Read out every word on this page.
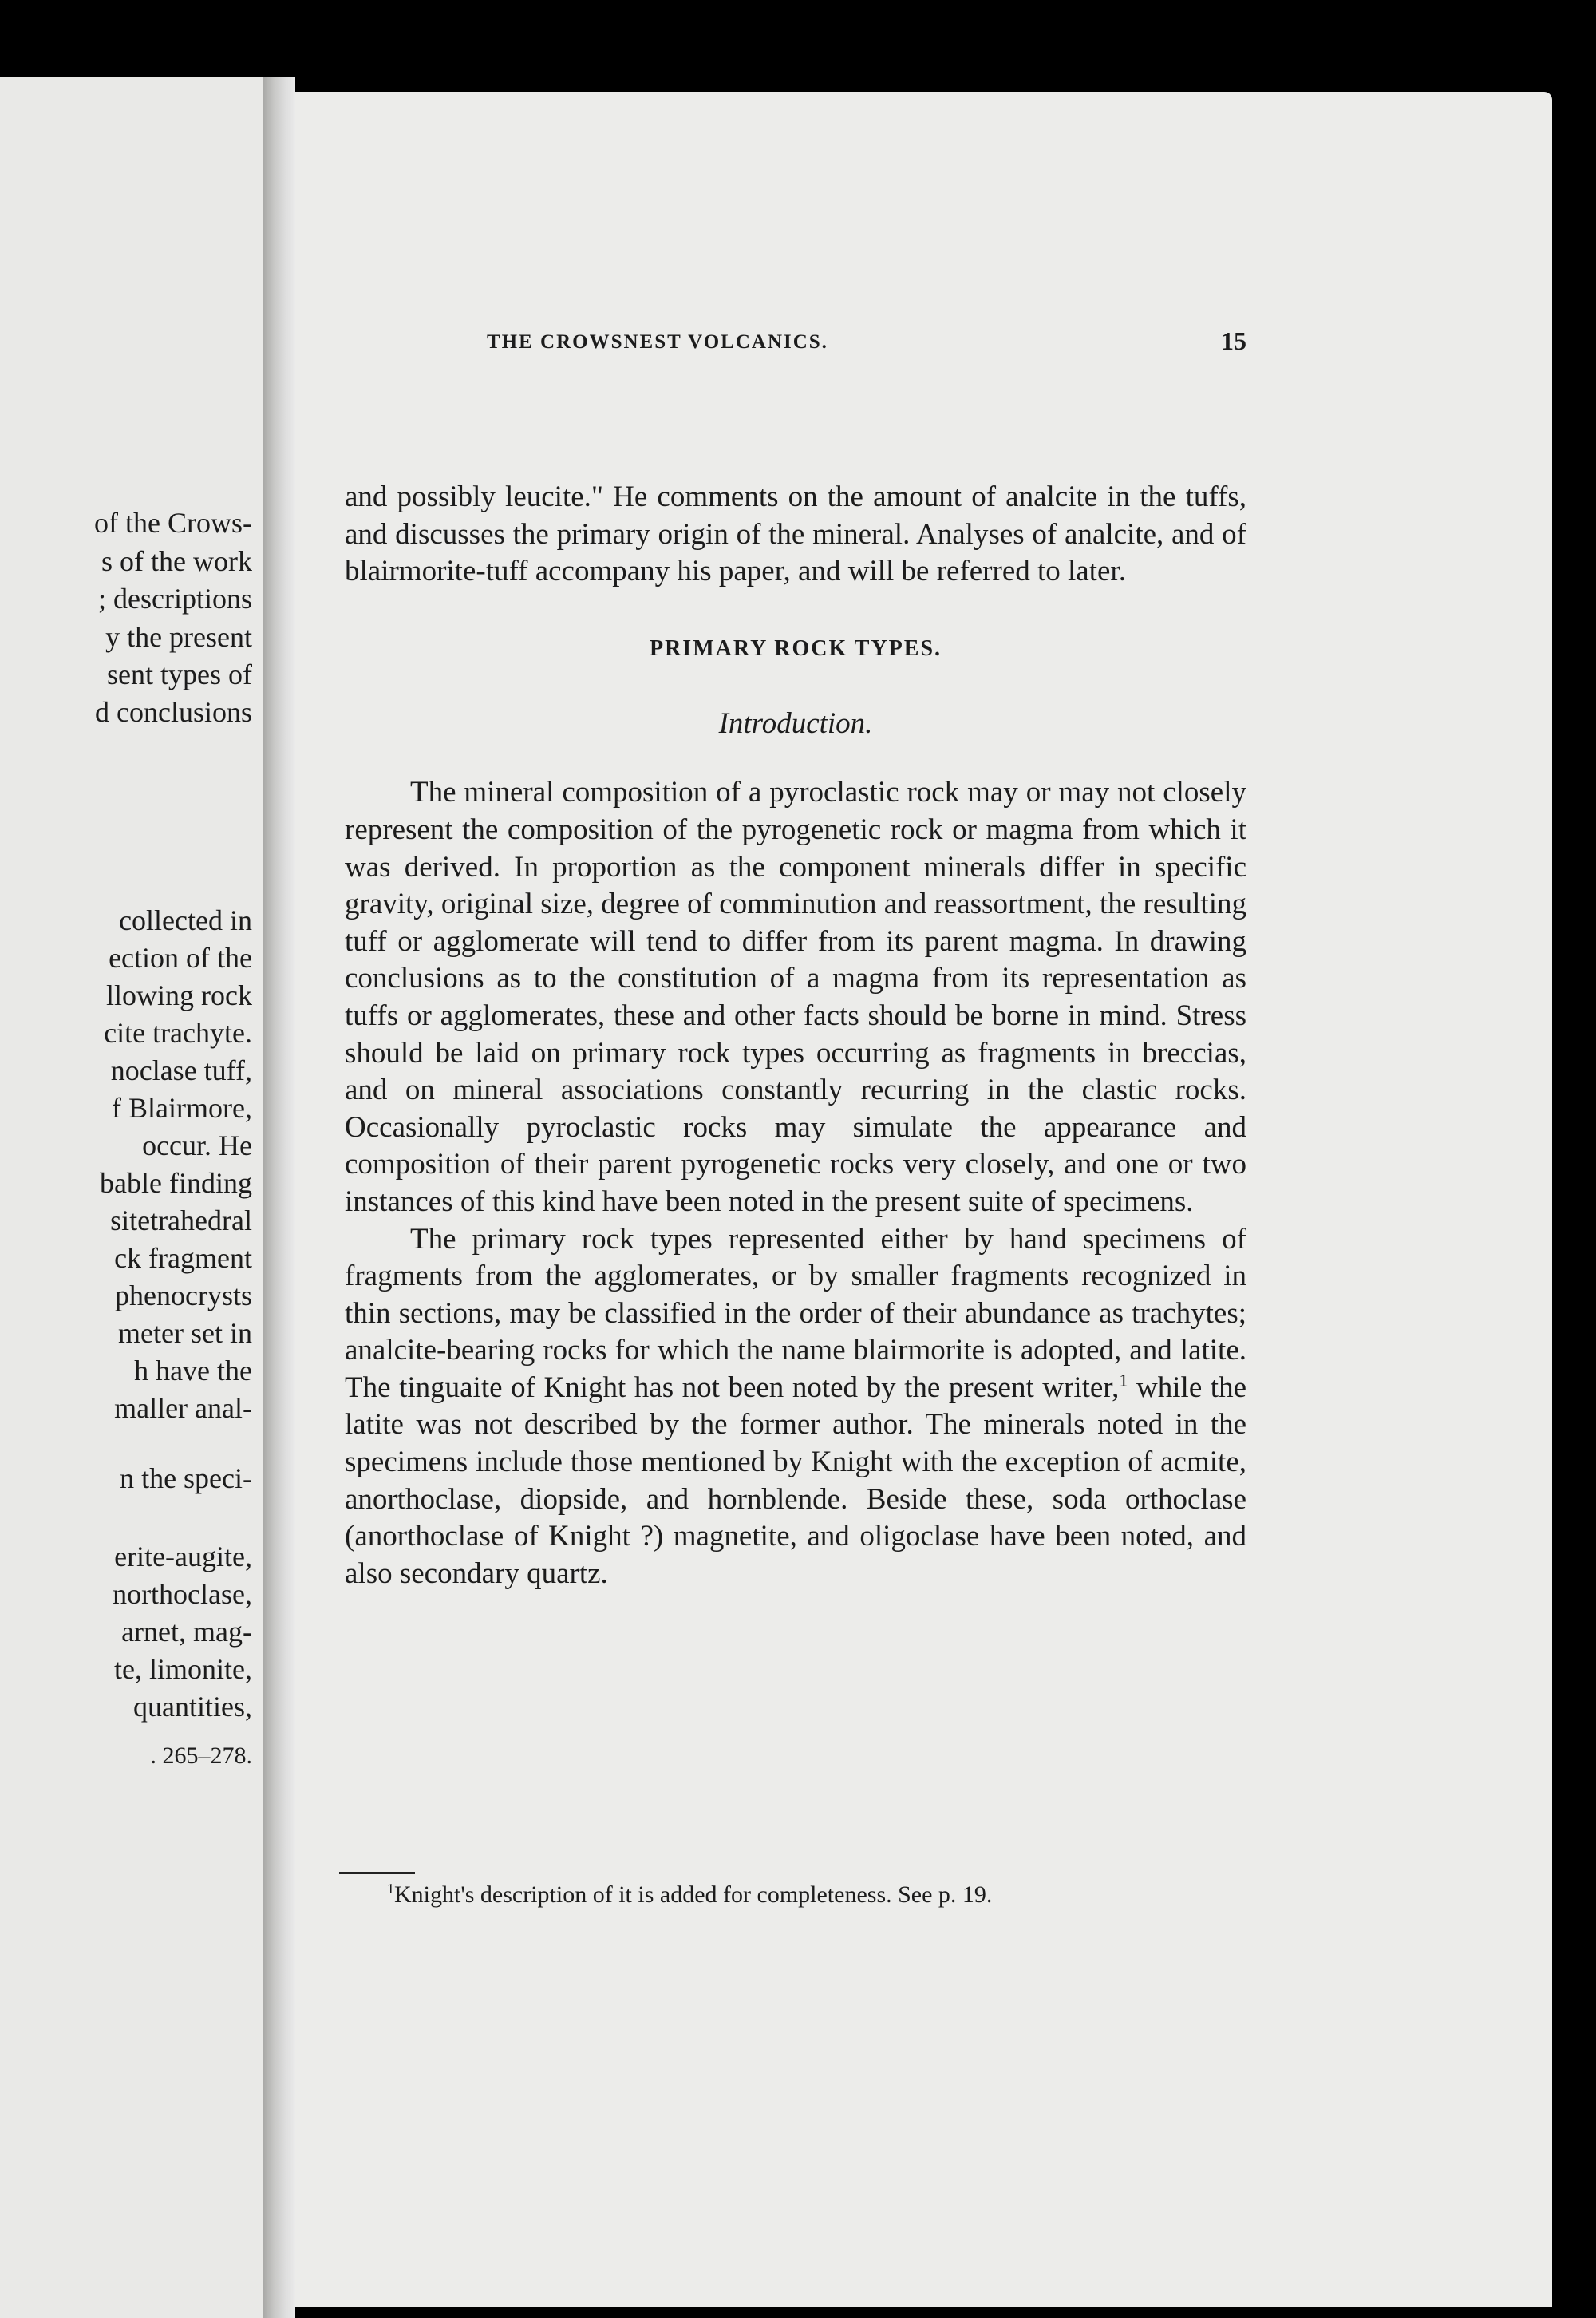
of the Crows-
s of the work
; descriptions
y the present
sent types of
d conclusions
collected in
ection of the
llowing rock
cite trachyte.
noclase tuff,
f Blairmore,
occur. He
bable finding
sitetrahedral
ck fragment
phenocrysts
meter set in
h have the
maller anal-
n the speci-
erite-augite,
northoclase,
arnet, mag-
te, limonite,
quantities,
. 265–278.
THE CROWSNEST VOLCANICS.	15

and possibly leucite." He comments on the amount of analcite in the tuffs, and discusses the primary origin of the mineral. Analyses of analcite, and of blairmorite-tuff accompany his paper, and will be referred to later.

PRIMARY ROCK TYPES.

Introduction.

The mineral composition of a pyroclastic rock may or may not closely represent the composition of the pyrogenetic rock or magma from which it was derived. In proportion as the component minerals differ in specific gravity, original size, degree of comminution and reassortment, the resulting tuff or agglomerate will tend to differ from its parent magma. In drawing conclusions as to the constitution of a magma from its representation as tuffs or agglomerates, these and other facts should be borne in mind. Stress should be laid on primary rock types occurring as fragments in breccias, and on mineral associations constantly recurring in the clastic rocks. Occasionally pyroclastic rocks may simulate the appearance and composition of their parent pyrogenetic rocks very closely, and one or two instances of this kind have been noted in the present suite of specimens.

The primary rock types represented either by hand specimens of fragments from the agglomerates, or by smaller fragments recognized in thin sections, may be classified in the order of their abundance as trachytes; analcite-bearing rocks for which the name blairmorite is adopted, and latite. The tinguaite of Knight has not been noted by the present writer,$^1$ while the latite was not described by the former author. The minerals noted in the specimens include those mentioned by Knight with the exception of acmite, anorthoclase, diopside, and hornblende. Beside these, soda orthoclase (anorthoclase of Knight ?) magnetite, and oligoclase have been noted, and also secondary quartz.

$^1$Knight's description of it is added for completeness. See p. 19.
